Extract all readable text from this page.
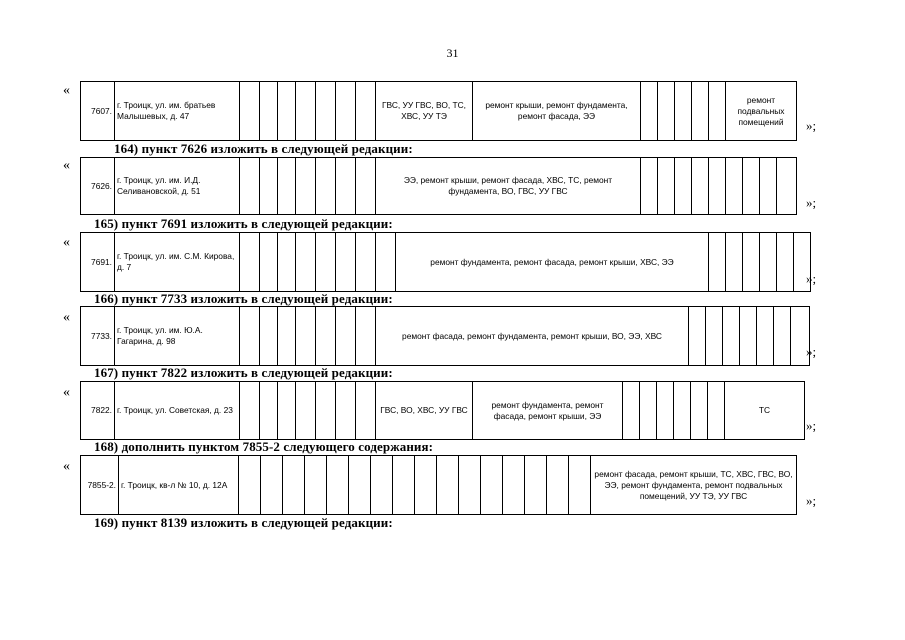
31
«
7607.	г. Троицк, ул. им. братьев Малышевых, д. 47								ГВС, УУ ГВС, ВО, ТС, ХВС, УУ ТЭ	ремонт крыши, ремонт фундамента, ремонт фасада, ЭЭ						ремонт подвальных помещений »;
164) пункт 7626 изложить в следующей редакции:
«
7626.	г. Троицк, ул. им. И.Д. Селивановской, д. 51								ЭЭ, ремонт крыши, ремонт фасада, ХВС, ТС, ремонт фундамента, ВО, ГВС, УУ ГВС									
»;
165) пункт 7691 изложить в следующей редакции:
«
7691.	г. Троицк, ул. им. С.М. Кирова, д. 7									ремонт фундамента, ремонт фасада, ремонт крыши, ХВС, ЭЭ						
»;
166) пункт 7733 изложить в следующей редакции:
«
7733.	г. Троицк, ул. им. Ю.А. Гагарина, д. 98								ремонт фасада, ремонт фундамента, ремонт крыши, ВО, ЭЭ, ХВС							
»;
167) пункт 7822 изложить в следующей редакции:
«
7822.	г. Троицк, ул. Советская, д. 23								ГВС, ВО, ХВС, УУ ГВС	ремонт фундамента, ремонт фасада, ремонт крыши, ЭЭ							ТС
»;
168) дополнить пунктом 7855-2 следующего содержания:
«
7855-2.	г. Троицк, кв-л № 10, д. 12А																	ремонт фасада, ремонт крыши, ТС, ХВС, ГВС, ВО, ЭЭ, ремонт фундамента, ремонт подвальных помещений, УУ ТЭ, УУ ГВС	»;
169) пункт 8139 изложить в следующей редакции:
